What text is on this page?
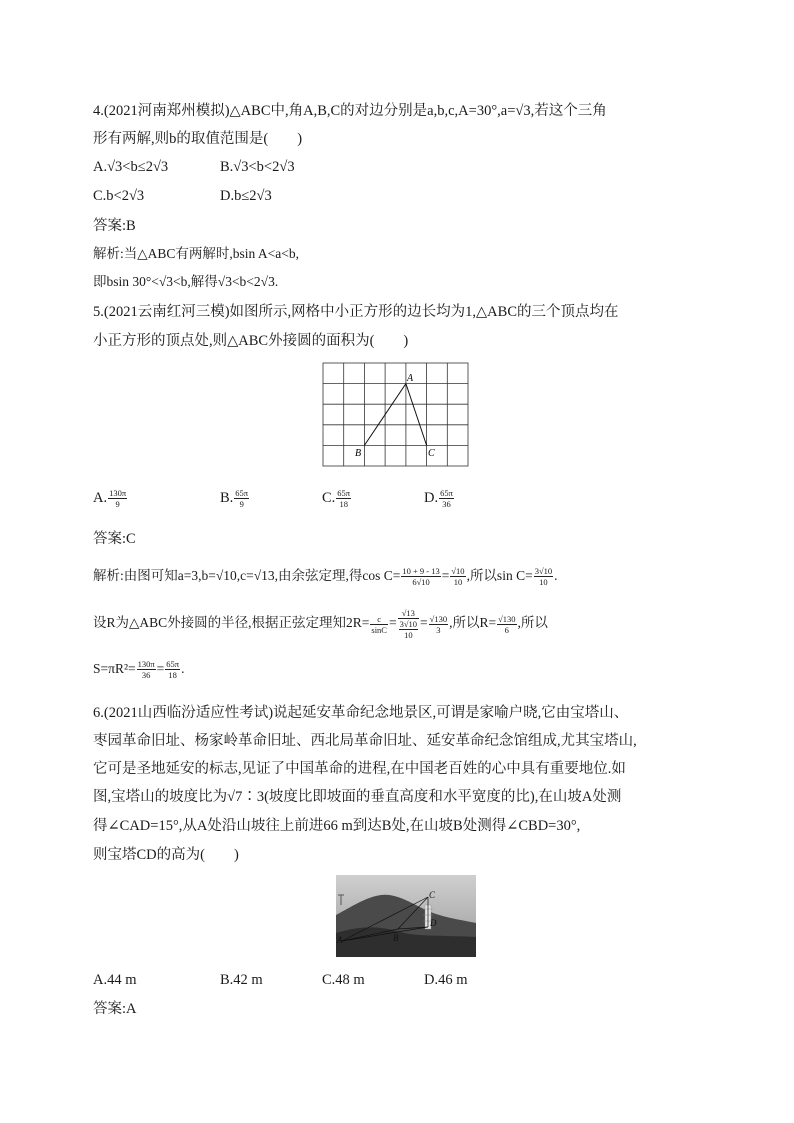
4.(2021河南郑州模拟)△ABC中,角A,B,C的对边分别是a,b,c,A=30°,a=√3,若这个三角
形有两解,则b的取值范围是(　　)
A.√3<b≤2√3	B.√3<b<2√3
C.b<2√3	D.b≤2√3
答案:B
解析:当△ABC有两解时,bsin A<a<b,
即bsin 30°<√3<b,解得√3<b<2√3.
5.(2021云南红河三模)如图所示,网格中小正方形的边长均为1,△ABC的三个顶点均在
小正方形的顶点处,则△ABC外接圆的面积为(　　)
A
B	C
A. $\frac{130\pi}{9}$	B. $\frac{65\pi}{9}$	C. $\frac{65\pi}{18}$	D. $\frac{65\pi}{36}$
答案:C
解析:由图可知a=3,b=√10,c=√13,由余弦定理,得$\cos C= \frac{10 + 9 - 13}{6√10} = \frac{√10}{10}$ ,所以$\sin C= \frac{3√10}{10}$ .
设R为△ABC外接圆的半径,根据正弦定理知$2R= \frac{c}{\sin C} = \frac{√13}{\frac{3√10}{10}} = \frac{√130}{3}$ ,所以$R= \frac{√130}{6}$ ,所以
$S=\pi R^2= \frac{130\pi}{36} = \frac{65\pi}{18}$ .
6.(2021山西临汾适应性考试)说起延安革命纪念地景区,可谓是家喻户晓,它由宝塔山、
枣园革命旧址、杨家岭革命旧址、西北局革命旧址、延安革命纪念馆组成,尤其宝塔山,
它可是圣地延安的标志,见证了中国革命的进程,在中国老百姓的心中具有重要地位.如
图,宝塔山的坡度比为√7∶3(坡度比即坡面的垂直高度和水平宽度的比),在山坡A处测
得∠CAD=15°,从A处沿山坡往上前进66 m到达B处,在山坡B处测得∠CBD=30°,
则宝塔CD的高为(　　)
A	B
C
D
A.44 m	B.42 m	C.48 m	D.46 m
答案:A
